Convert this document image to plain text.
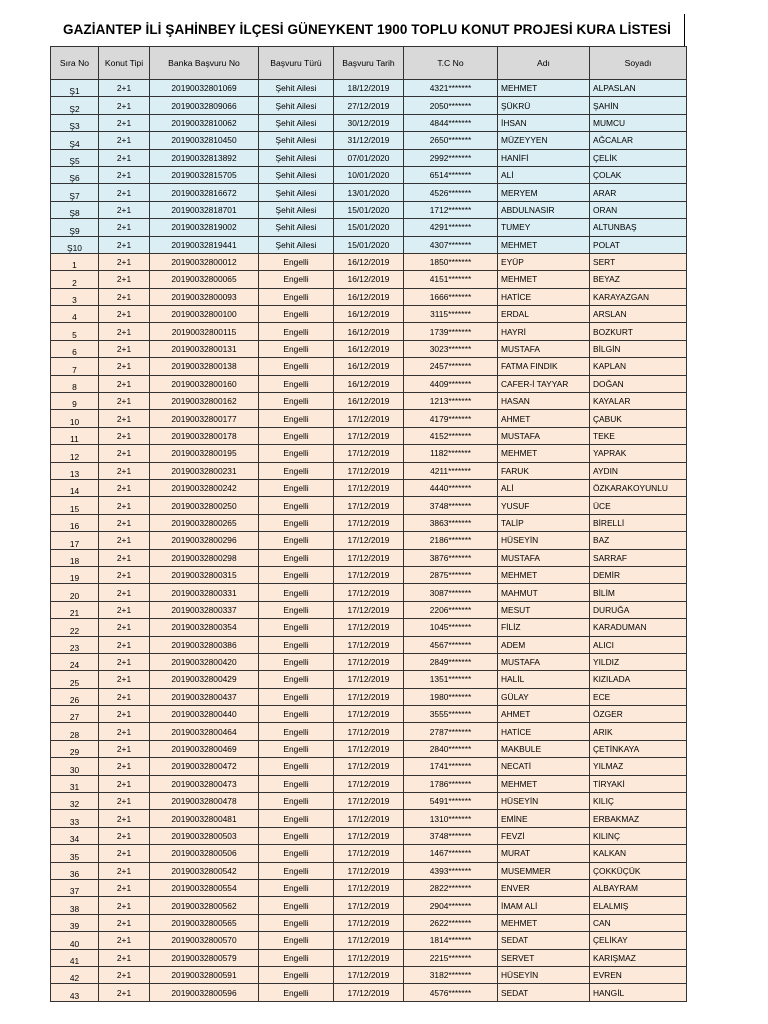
GAZİANTEP İLİ ŞAHİNBEY İLÇESİ GÜNEYKENT 1900 TOPLU KONUT PROJESİ KURA LİSTESİ
Sıra No	Konut Tipi	Banka Başvuru No	Başvuru Türü	Başvuru Tarih	T.C No	Adı	Soyadı
Ş1	2+1	20190032801069	Şehit Ailesi	18/12/2019	4321*******	MEHMET	ALPASLAN
Ş2	2+1	20190032809066	Şehit Ailesi	27/12/2019	2050*******	ŞÜKRÜ	ŞAHİN
Ş3	2+1	20190032810062	Şehit Ailesi	30/12/2019	4844*******	İHSAN	MUMCU
Ş4	2+1	20190032810450	Şehit Ailesi	31/12/2019	2650*******	MÜZEYYEN	AĞCALAR
Ş5	2+1	20190032813892	Şehit Ailesi	07/01/2020	2992*******	HANİFİ	ÇELİK
Ş6	2+1	20190032815705	Şehit Ailesi	10/01/2020	6514*******	ALİ	ÇOLAK
Ş7	2+1	20190032816672	Şehit Ailesi	13/01/2020	4526*******	MERYEM	ARAR
Ş8	2+1	20190032818701	Şehit Ailesi	15/01/2020	1712*******	ABDULNASIR	ORAN
Ş9	2+1	20190032819002	Şehit Ailesi	15/01/2020	4291*******	TUMEY	ALTUNBAŞ
Ş10	2+1	20190032819441	Şehit Ailesi	15/01/2020	4307*******	MEHMET	POLAT
1	2+1	20190032800012	Engelli	16/12/2019	1850*******	EYÜP	SERT
2	2+1	20190032800065	Engelli	16/12/2019	4151*******	MEHMET	BEYAZ
3	2+1	20190032800093	Engelli	16/12/2019	1666*******	HATİCE	KARAYAZGAN
4	2+1	20190032800100	Engelli	16/12/2019	3115*******	ERDAL	ARSLAN
5	2+1	20190032800115	Engelli	16/12/2019	1739*******	HAYRİ	BOZKURT
6	2+1	20190032800131	Engelli	16/12/2019	3023*******	MUSTAFA	BİLGİN
7	2+1	20190032800138	Engelli	16/12/2019	2457*******	FATMA FINDIK	KAPLAN
8	2+1	20190032800160	Engelli	16/12/2019	4409*******	CAFER-İ TAYYAR	DOĞAN
9	2+1	20190032800162	Engelli	16/12/2019	1213*******	HASAN	KAYALAR
10	2+1	20190032800177	Engelli	17/12/2019	4179*******	AHMET	ÇABUK
11	2+1	20190032800178	Engelli	17/12/2019	4152*******	MUSTAFA	TEKE
12	2+1	20190032800195	Engelli	17/12/2019	1182*******	MEHMET	YAPRAK
13	2+1	20190032800231	Engelli	17/12/2019	4211*******	FARUK	AYDIN
14	2+1	20190032800242	Engelli	17/12/2019	4440*******	ALİ	ÖZKARAKOYUNLU
15	2+1	20190032800250	Engelli	17/12/2019	3748*******	YUSUF	ÜCE
16	2+1	20190032800265	Engelli	17/12/2019	3863*******	TALİP	BİRELLİ
17	2+1	20190032800296	Engelli	17/12/2019	2186*******	HÜSEYİN	BAZ
18	2+1	20190032800298	Engelli	17/12/2019	3876*******	MUSTAFA	SARRAF
19	2+1	20190032800315	Engelli	17/12/2019	2875*******	MEHMET	DEMİR
20	2+1	20190032800331	Engelli	17/12/2019	3087*******	MAHMUT	BİLİM
21	2+1	20190032800337	Engelli	17/12/2019	2206*******	MESUT	DURUĞA
22	2+1	20190032800354	Engelli	17/12/2019	1045*******	FİLİZ	KARADUMAN
23	2+1	20190032800386	Engelli	17/12/2019	4567*******	ADEM	ALICI
24	2+1	20190032800420	Engelli	17/12/2019	2849*******	MUSTAFA	YILDIZ
25	2+1	20190032800429	Engelli	17/12/2019	1351*******	HALİL	KIZILADA
26	2+1	20190032800437	Engelli	17/12/2019	1980*******	GÜLAY	ECE
27	2+1	20190032800440	Engelli	17/12/2019	3555*******	AHMET	ÖZGER
28	2+1	20190032800464	Engelli	17/12/2019	2787*******	HATİCE	ARIK
29	2+1	20190032800469	Engelli	17/12/2019	2840*******	MAKBULE	ÇETİNKAYA
30	2+1	20190032800472	Engelli	17/12/2019	1741*******	NECATİ	YILMAZ
31	2+1	20190032800473	Engelli	17/12/2019	1786*******	MEHMET	TİRYAKİ
32	2+1	20190032800478	Engelli	17/12/2019	5491*******	HÜSEYİN	KILIÇ
33	2+1	20190032800481	Engelli	17/12/2019	1310*******	EMİNE	ERBAKMAZ
34	2+1	20190032800503	Engelli	17/12/2019	3748*******	FEVZİ	KILINÇ
35	2+1	20190032800506	Engelli	17/12/2019	1467*******	MURAT	KALKAN
36	2+1	20190032800542	Engelli	17/12/2019	4393*******	MUSEMMER	ÇOKKÜÇÜK
37	2+1	20190032800554	Engelli	17/12/2019	2822*******	ENVER	ALBAYRAM
38	2+1	20190032800562	Engelli	17/12/2019	2904*******	İMAM ALİ	ELALMIŞ
39	2+1	20190032800565	Engelli	17/12/2019	2622*******	MEHMET	CAN
40	2+1	20190032800570	Engelli	17/12/2019	1814*******	SEDAT	ÇELİKAY
41	2+1	20190032800579	Engelli	17/12/2019	2215*******	SERVET	KARIŞMAZ
42	2+1	20190032800591	Engelli	17/12/2019	3182*******	HÜSEYİN	EVREN
43	2+1	20190032800596	Engelli	17/12/2019	4576*******	SEDAT	HANGİL
